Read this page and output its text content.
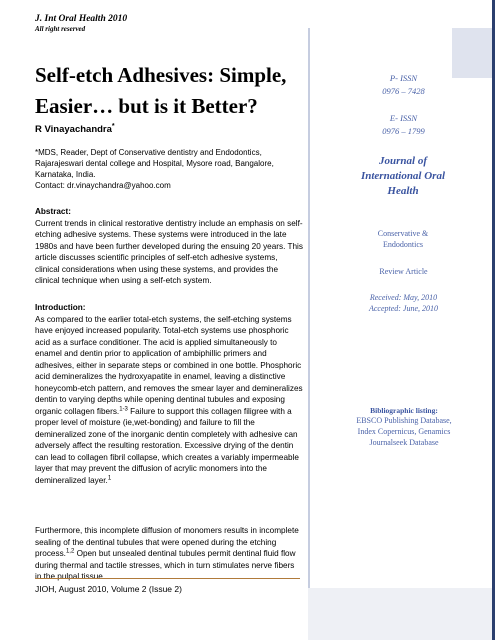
J. Int Oral Health 2010
All right reserved
Self-etch Adhesives: Simple, Easier… but is it Better?
R Vinayachandra*
*MDS, Reader, Dept of Conservative dentistry and Endodontics, Rajarajeswari dental college and Hospital, Mysore road, Bangalore, Karnataka, India.
Contact: dr.vinaychandra@yahoo.com
Abstract:

Current trends in clinical restorative dentistry include an emphasis on self-etching adhesive systems. These systems were introduced in the late 1980s and have been further developed during the ensuing 20 years. This article discusses scientific principles of self-etch adhesive systems, clinical considerations when using these systems, and provides the clinical technique when using a self-etch system.

Introduction:

As compared to the earlier total-etch systems, the self-etching systems have enjoyed increased popularity. Total-etch systems use phosphoric acid as a surface conditioner. The acid is applied simultaneously to enamel and dentin prior to application of ambiphillic primers and adhesives, either in separate steps or combined in one bottle. Phosphoric acid demineralizes the hydroxyapatite in enamel, leaving a distinctive honeycomb-etch pattern, and removes the smear layer and demineralizes dentin to varying depths while opening dentinal tubules and exposing organic collagen fibers.$^{1-3}$ Failure to support this collagen filigree with a proper level of moisture (ie,wet-bonding) and failure to fill the demineralized zone of the inorganic dentin completely with adhesive can adversely affect the resulting restoration. Excessive drying of the dentin can lead to collagen fibril collapse, which creates a variably impermeable layer that may prevent the diffusion of acrylic monomers into the demineralized layer.$^1$

Furthermore, this incomplete diffusion of monomers results in incomplete sealing of the dentinal tubules that were opened during the etching process.$^{1,2}$ Open but unsealed dentinal tubules permit dentinal fluid flow during thermal and tactile stresses, which in turn stimulates nerve fibers in the pulpal tissue.

JIOH, August 2010, Volume 2 (Issue 2)
P- ISSN
0976 – 7428
E- ISSN
0976 – 1799
Journal of International Oral Health
Conservative & Endodontics
Review Article
Received: May, 2010
Accepted: June, 2010
Bibliographic listing:
EBSCO Publishing Database, Index Copernicus, Genamics Journalseek Database
